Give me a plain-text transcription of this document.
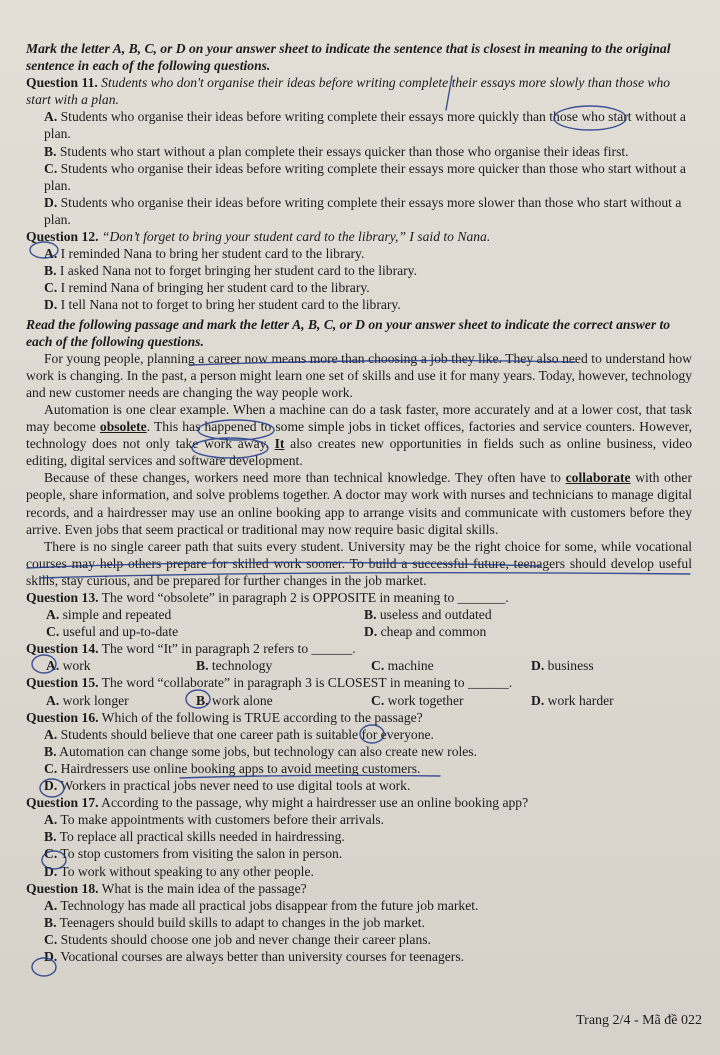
Mark the letter A, B, C, or D on your answer sheet to indicate the sentence that is closest in meaning to the original sentence in each of the following questions.

Question 11. Students who don't organise their ideas before writing complete their essays more slowly than those who start with a plan.

A. Students who organise their ideas before writing complete their essays more quickly than those who start without a plan.

B. Students who start without a plan complete their essays quicker than those who organise their ideas first.

C. Students who organise their ideas before writing complete their essays more quicker than those who start without a plan.

D. Students who organise their ideas before writing complete their essays more slower than those who start without a plan.

Question 12. “Don’t forget to bring your student card to the library,” I said to Nana.

A. I reminded Nana to bring her student card to the library.

B. I asked Nana not to forget bringing her student card to the library.

C. I remind Nana of bringing her student card to the library.

D. I tell Nana not to forget to bring her student card to the library.

Read the following passage and mark the letter A, B, C, or D on your answer sheet to indicate the correct answer to each of the following questions.

For young people, planning a career now means more than choosing a job they like. They also need to understand how work is changing. In the past, a person might learn one set of skills and use it for many years. Today, however, technology and new customer needs are changing the way people work.

Automation is one clear example. When a machine can do a task faster, more accurately and at a lower cost, that task may become obsolete. This has happened to some simple jobs in ticket offices, factories and service counters. However, technology does not only take work away. It also creates new opportunities in fields such as online business, video editing, digital services and software development.

Because of these changes, workers need more than technical knowledge. They often have to collaborate with other people, share information, and solve problems together. A doctor may work with nurses and technicians to manage digital records, and a hairdresser may use an online booking app to arrange visits and communicate with customers before they arrive. Even jobs that seem practical or traditional may now require basic digital skills.

There is no single career path that suits every student. University may be the right choice for some, while vocational courses may help others prepare for skilled work sooner. To build a successful future, teenagers should develop useful skills, stay curious, and be prepared for further changes in the job market.

Question 13. The word “obsolete” in paragraph 2 is OPPOSITE in meaning to _______.

A. simple and repeated	B. useless and outdated
C. useful and up-to-date	D. cheap and common

Question 14. The word “It” in paragraph 2 refers to ______.

A. work	B. technology	C. machine	D. business

Question 15. The word “collaborate” in paragraph 3 is CLOSEST in meaning to ______.

A. work longer	B. work alone	C. work together	D. work harder

Question 16. Which of the following is TRUE according to the passage?

A. Students should believe that one career path is suitable for everyone.

B. Automation can change some jobs, but technology can also create new roles.

C. Hairdressers use online booking apps to avoid meeting customers.

D. Workers in practical jobs never need to use digital tools at work.

Question 17. According to the passage, why might a hairdresser use an online booking app?

A. To make appointments with customers before their arrivals.

B. To replace all practical skills needed in hairdressing.

C. To stop customers from visiting the salon in person.

D. To work without speaking to any other people.

Question 18. What is the main idea of the passage?

A. Technology has made all practical jobs disappear from the future job market.

B. Teenagers should build skills to adapt to changes in the job market.

C. Students should choose one job and never change their career plans.

D. Vocational courses are always better than university courses for teenagers.

Trang 2/4 - Mã đề 022
